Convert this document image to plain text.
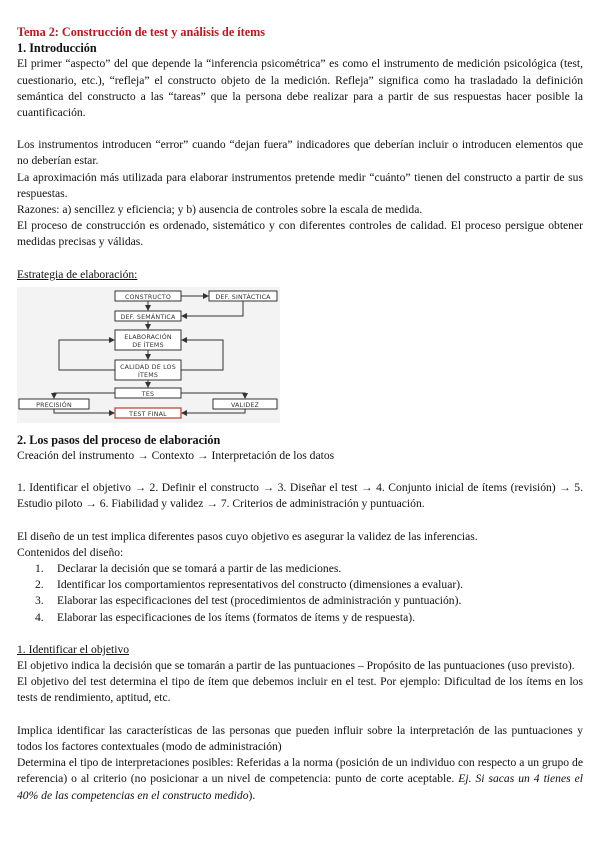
Tema 2: Construcción de test y análisis de ítems

1. Introducción

El primer “aspecto” del que depende la “inferencia psicométrica” es como el instrumento de medición psicológica (test, cuestionario, etc.), “refleja” el constructo objeto de la medición. Refleja” significa como ha trasladado la definición semántica del constructo a las “tareas” que la persona debe realizar para a partir de sus respuestas hacer posible la cuantificación.

Los instrumentos introducen “error” cuando “dejan fuera” indicadores que deberían incluir o introducen elementos que no deberían estar.

La aproximación más utilizada para elaborar instrumentos pretende medir “cuánto” tienen del constructo a partir de sus respuestas.

Razones: a) sencillez y eficiencia; y b) ausencia de controles sobre la escala de medida.

El proceso de construcción es ordenado, sistemático y con diferentes controles de calidad. El proceso persigue obtener medidas precisas y válidas.

Estrategia de elaboración:

CONSTRUCTO	DEF. SINTÁCTICA
DEF. SEMÁNTICA
ELABORACIÓN
DE ÍTEMS
CALIDAD DE LOS
ÍTEMS
TES
PRECISIÓN	VALIDEZ
TEST FINAL

2. Los pasos del proceso de elaboración

Creación del instrumento → Contexto → Interpretación de los datos

1. Identificar el objetivo → 2. Definir el constructo → 3. Diseñar el test → 4. Conjunto inicial de ítems (revisión) → 5. Estudio piloto → 6. Fiabilidad y validez → 7. Criterios de administración y puntuación.

El diseño de un test implica diferentes pasos cuyo objetivo es asegurar la validez de las inferencias.

Contenidos del diseño:

1. Declarar la decisión que se tomará a partir de las mediciones.
2. Identificar los comportamientos representativos del constructo (dimensiones a evaluar).
3. Elaborar las especificaciones del test (procedimientos de administración y puntuación).
4. Elaborar las especificaciones de los ítems (formatos de ítems y de respuesta).

1. Identificar el objetivo

El objetivo indica la decisión que se tomarán a partir de las puntuaciones – Propósito de las puntuaciones (uso previsto).

El objetivo del test determina el tipo de ítem que debemos incluir en el test. Por ejemplo: Dificultad de los ítems en los tests de rendimiento, aptitud, etc.

Implica identificar las características de las personas que pueden influir sobre la interpretación de las puntuaciones y todos los factores contextuales (modo de administración)

Determina el tipo de interpretaciones posibles: Referidas a la norma (posición de un individuo con respecto a un grupo de referencia) o al criterio (no posicionar a un nivel de competencia: punto de corte aceptable. Ej. Si sacas un 4 tienes el 40% de las competencias en el constructo medido).
